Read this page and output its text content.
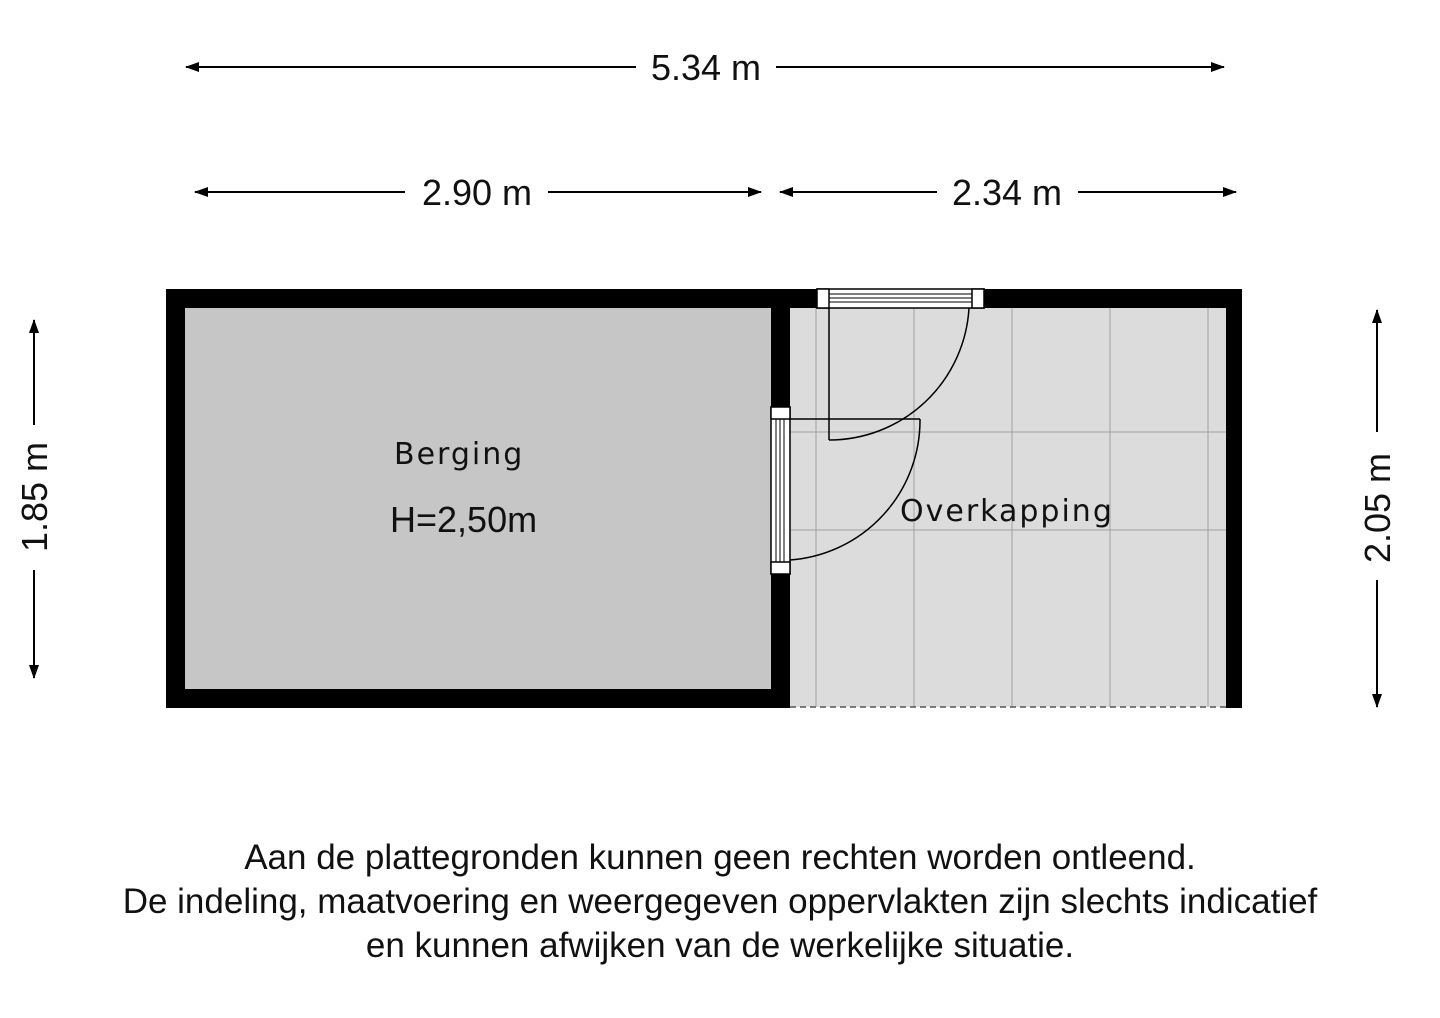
5.34 m
2.90 m	2.34 m
1.85 m	2.05 m
Berging
H=2,50m	Overkapping
Aan de plattegronden kunnen geen rechten worden ontleend.
De indeling, maatvoering en weergegeven oppervlakten zijn slechts indicatief
en kunnen afwijken van de werkelijke situatie.
